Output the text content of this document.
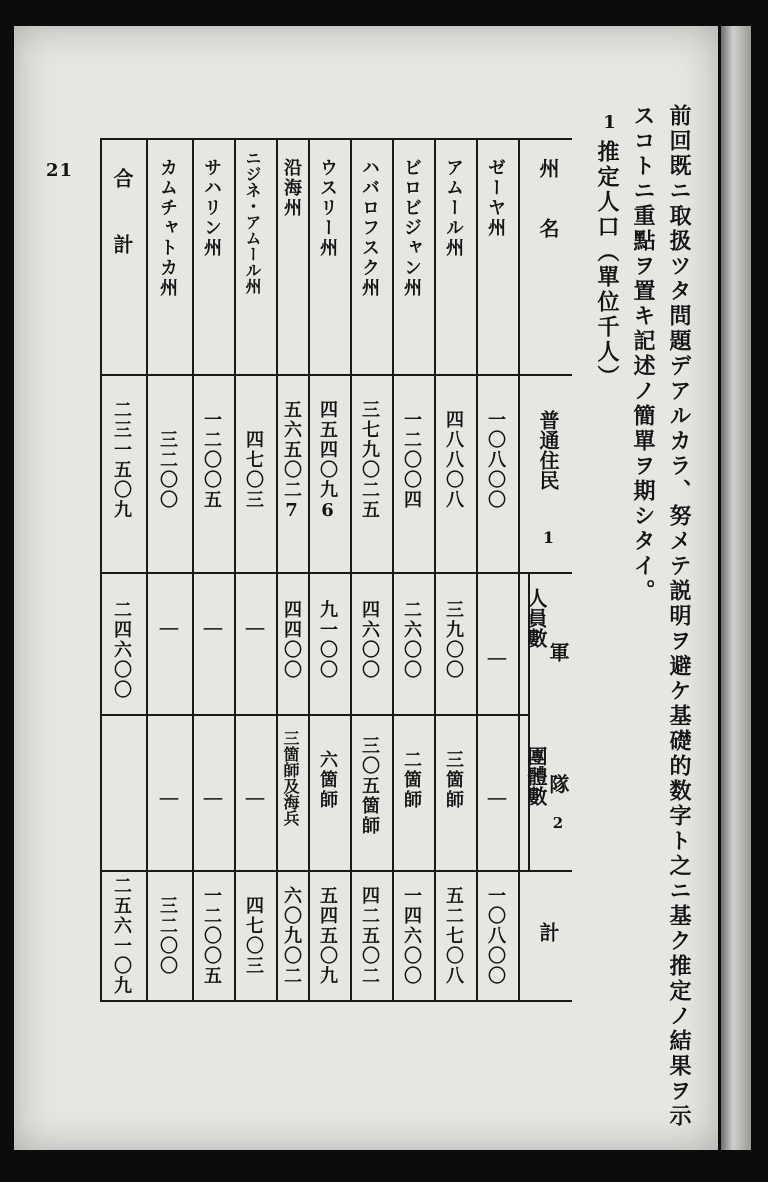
21	前回既ニ取扱ツタ問題デアルカラ、努メテ説明ヲ避ケ基礎的数字ト之ニ基ク推定ノ結果ヲ示
スコトニ重點ヲ置キ記述ノ簡單ヲ期シタイ。
1
推定人口（單位千人）
州　　名
普通住民
1
軍
隊
2
人員數
團體數
計
ゼーヤ州
一〇八〇〇
｜
｜
一〇八〇〇
アムール州
四八八〇八
三九〇〇
三箇師
五二七〇八
ビロビジャン州
一二〇〇四
二六〇〇
二箇師
一四六〇〇
ハバロフスク州
三七九〇二五
四六〇〇
三〇五箇師
四二五〇二
ウスリー州
四五四〇九6
九一〇〇
六箇師
五四五〇九
沿海州
五六五〇二7
四四〇〇
三箇師及海兵
六〇九〇二
ニジネ・アムール州
四七〇三
｜
｜
四七〇三
サハリン州
一二〇〇五
｜
｜
一二〇〇五
カムチャトカ州
三二〇〇
｜
｜
三二〇〇
合　　計
二三一五〇九
二四六〇〇
二五六一〇九
